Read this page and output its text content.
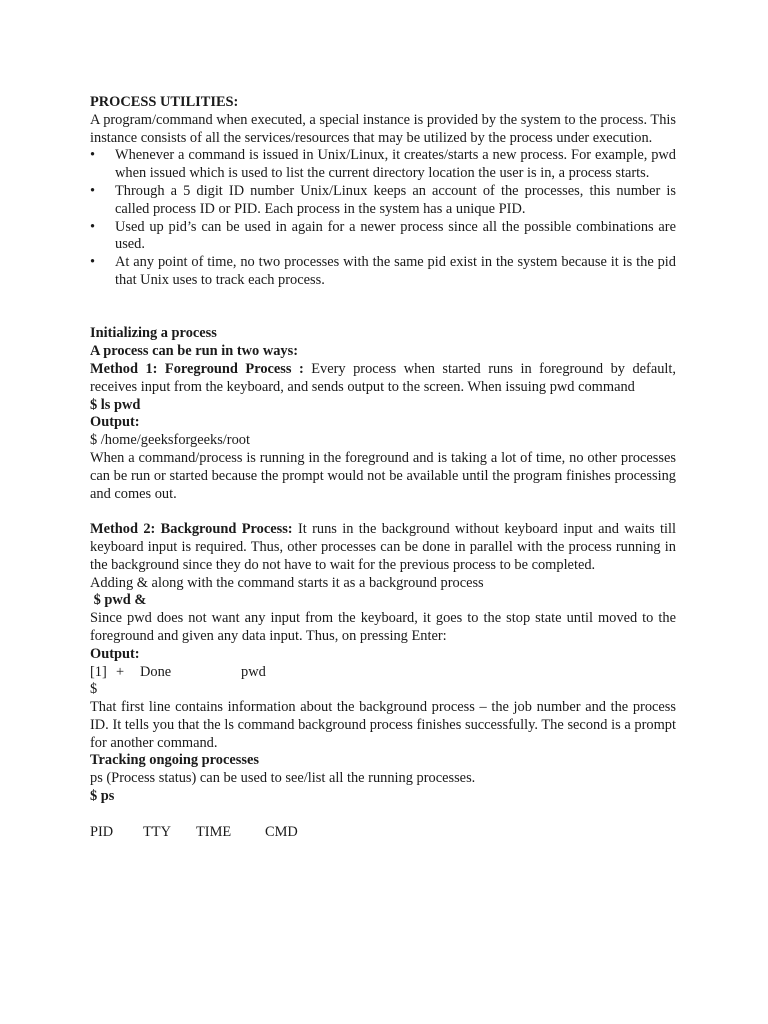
PROCESS UTILITIES:

A program/command when executed, a special instance is provided by the system to the process. This instance consists of all the services/resources that may be utilized by the process under execution.

• Whenever a command is issued in Unix/Linux, it creates/starts a new process. For example, pwd when issued which is used to list the current directory location the user is in, a process starts.
• Through a 5 digit ID number Unix/Linux keeps an account of the processes, this number is called process ID or PID. Each process in the system has a unique PID.
• Used up pid’s can be used in again for a newer process since all the possible combinations are used.
• At any point of time, no two processes with the same pid exist in the system because it is the pid that Unix uses to track each process.

Initializing a process

A process can be run in two ways:

Method 1: Foreground Process : Every process when started runs in foreground by default, receives input from the keyboard, and sends output to the screen. When issuing pwd command

$ ls pwd

Output:

$ /home/geeksforgeeks/root

When a command/process is running in the foreground and is taking a lot of time, no other processes can be run or started because the prompt would not be available until the program finishes processing and comes out.

Method 2: Background Process: It runs in the background without keyboard input and waits till keyboard input is required. Thus, other processes can be done in parallel with the process running in the background since they do not have to wait for the previous process to be completed.

Adding & along with the command starts it as a background process

$ pwd &

Since pwd does not want any input from the keyboard, it goes to the stop state until moved to the foreground and given any data input. Thus, on pressing Enter:

Output:

[1] + Done	pwd

$

That first line contains information about the background process – the job number and the process ID. It tells you that the ls command background process finishes successfully. The second is a prompt for another command.

Tracking ongoing processes

ps (Process status) can be used to see/list all the running processes.

$ ps

PID TTY TIME CMD
